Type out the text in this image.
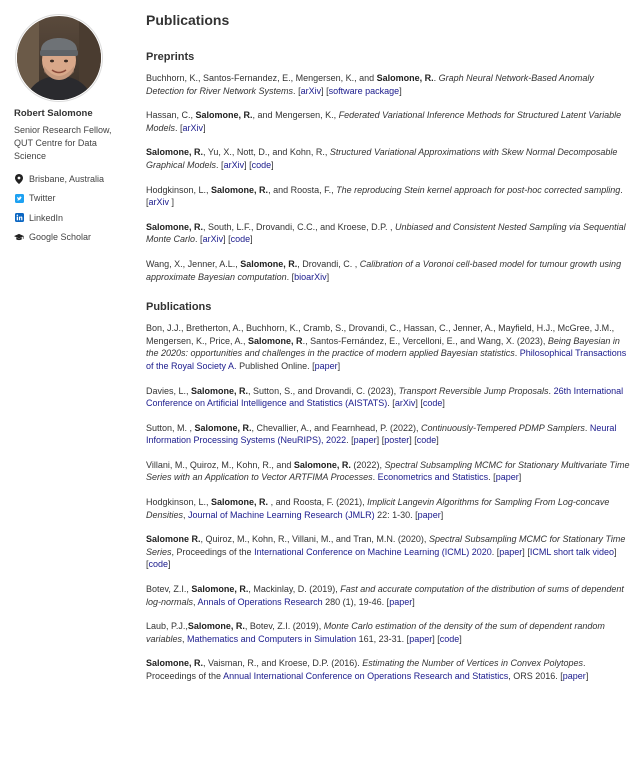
Robert Salomone
Senior Research Fellow, QUT Centre for Data Science
Brisbane, Australia
Twitter
LinkedIn
Google Scholar
Publications
Preprints
Buchhorn, K., Santos-Fernandez, E., Mengersen, K., and Salomone, R.. Graph Neural Network-Based Anomaly Detection for River Network Systems. [arXiv] [software package]
Hassan, C., Salomone, R., and Mengersen, K., Federated Variational Inference Methods for Structured Latent Variable Models. [arXiv]
Salomone, R., Yu, X., Nott, D., and Kohn, R., Structured Variational Approximations with Skew Normal Decomposable Graphical Models. [arXiv] [code]
Hodgkinson, L., Salomone, R., and Roosta, F., The reproducing Stein kernel approach for post-hoc corrected sampling. [arXiv ]
Salomone, R., South, L.F., Drovandi, C.C., and Kroese, D.P. , Unbiased and Consistent Nested Sampling via Sequential Monte Carlo. [arXiv] [code]
Wang, X., Jenner, A.L., Salomone, R., Drovandi, C. , Calibration of a Voronoi cell-based model for tumour growth using approximate Bayesian computation. [bioarXiv]
Publications
Bon, J.J., Bretherton, A., Buchhorn, K., Cramb, S., Drovandi, C., Hassan, C., Jenner, A., Mayfield, H.J., McGree, J.M., Mengersen, K., Price, A., Salomone, R., Santos-Fernández, E., Vercelloni, E., and Wang, X. (2023), Being Bayesian in the 2020s: opportunities and challenges in the practice of modern applied Bayesian statistics. Philosophical Transactions of the Royal Society A. Published Online. [paper]
Davies, L., Salomone, R., Sutton, S., and Drovandi, C. (2023), Transport Reversible Jump Proposals. 26th International Conference on Artificial Intelligence and Statistics (AISTATS). [arXiv] [code]
Sutton, M. , Salomone, R., Chevallier, A., and Fearnhead, P. (2022), Continuously-Tempered PDMP Samplers. Neural Information Processing Systems (NeuRIPS), 2022. [paper] [poster] [code]
Villani, M., Quiroz, M., Kohn, R., and Salomone, R. (2022), Spectral Subsampling MCMC for Stationary Multivariate Time Series with an Application to Vector ARTFIMA Processes. Econometrics and Statistics. [paper]
Hodgkinson, L., Salomone, R. , and Roosta, F. (2021), Implicit Langevin Algorithms for Sampling From Log-concave Densities, Journal of Machine Learning Research (JMLR) 22: 1-30. [paper]
Salomone R., Quiroz, M., Kohn, R., Villani, M., and Tran, M.N. (2020), Spectral Subsampling MCMC for Stationary Time Series, Proceedings of the International Conference on Machine Learning (ICML) 2020. [paper] [ICML short talk video] [code]
Botev, Z.I., Salomone, R., Mackinlay, D. (2019), Fast and accurate computation of the distribution of sums of dependent log-normals, Annals of Operations Research 280 (1), 19-46. [paper]
Laub, P.J.,Salomone, R., Botev, Z.I. (2019), Monte Carlo estimation of the density of the sum of dependent random variables, Mathematics and Computers in Simulation 161, 23-31. [paper] [code]
Salomone, R., Vaisman, R., and Kroese, D.P. (2016). Estimating the Number of Vertices in Convex Polytopes. Proceedings of the Annual International Conference on Operations Research and Statistics, ORS 2016. [paper]
